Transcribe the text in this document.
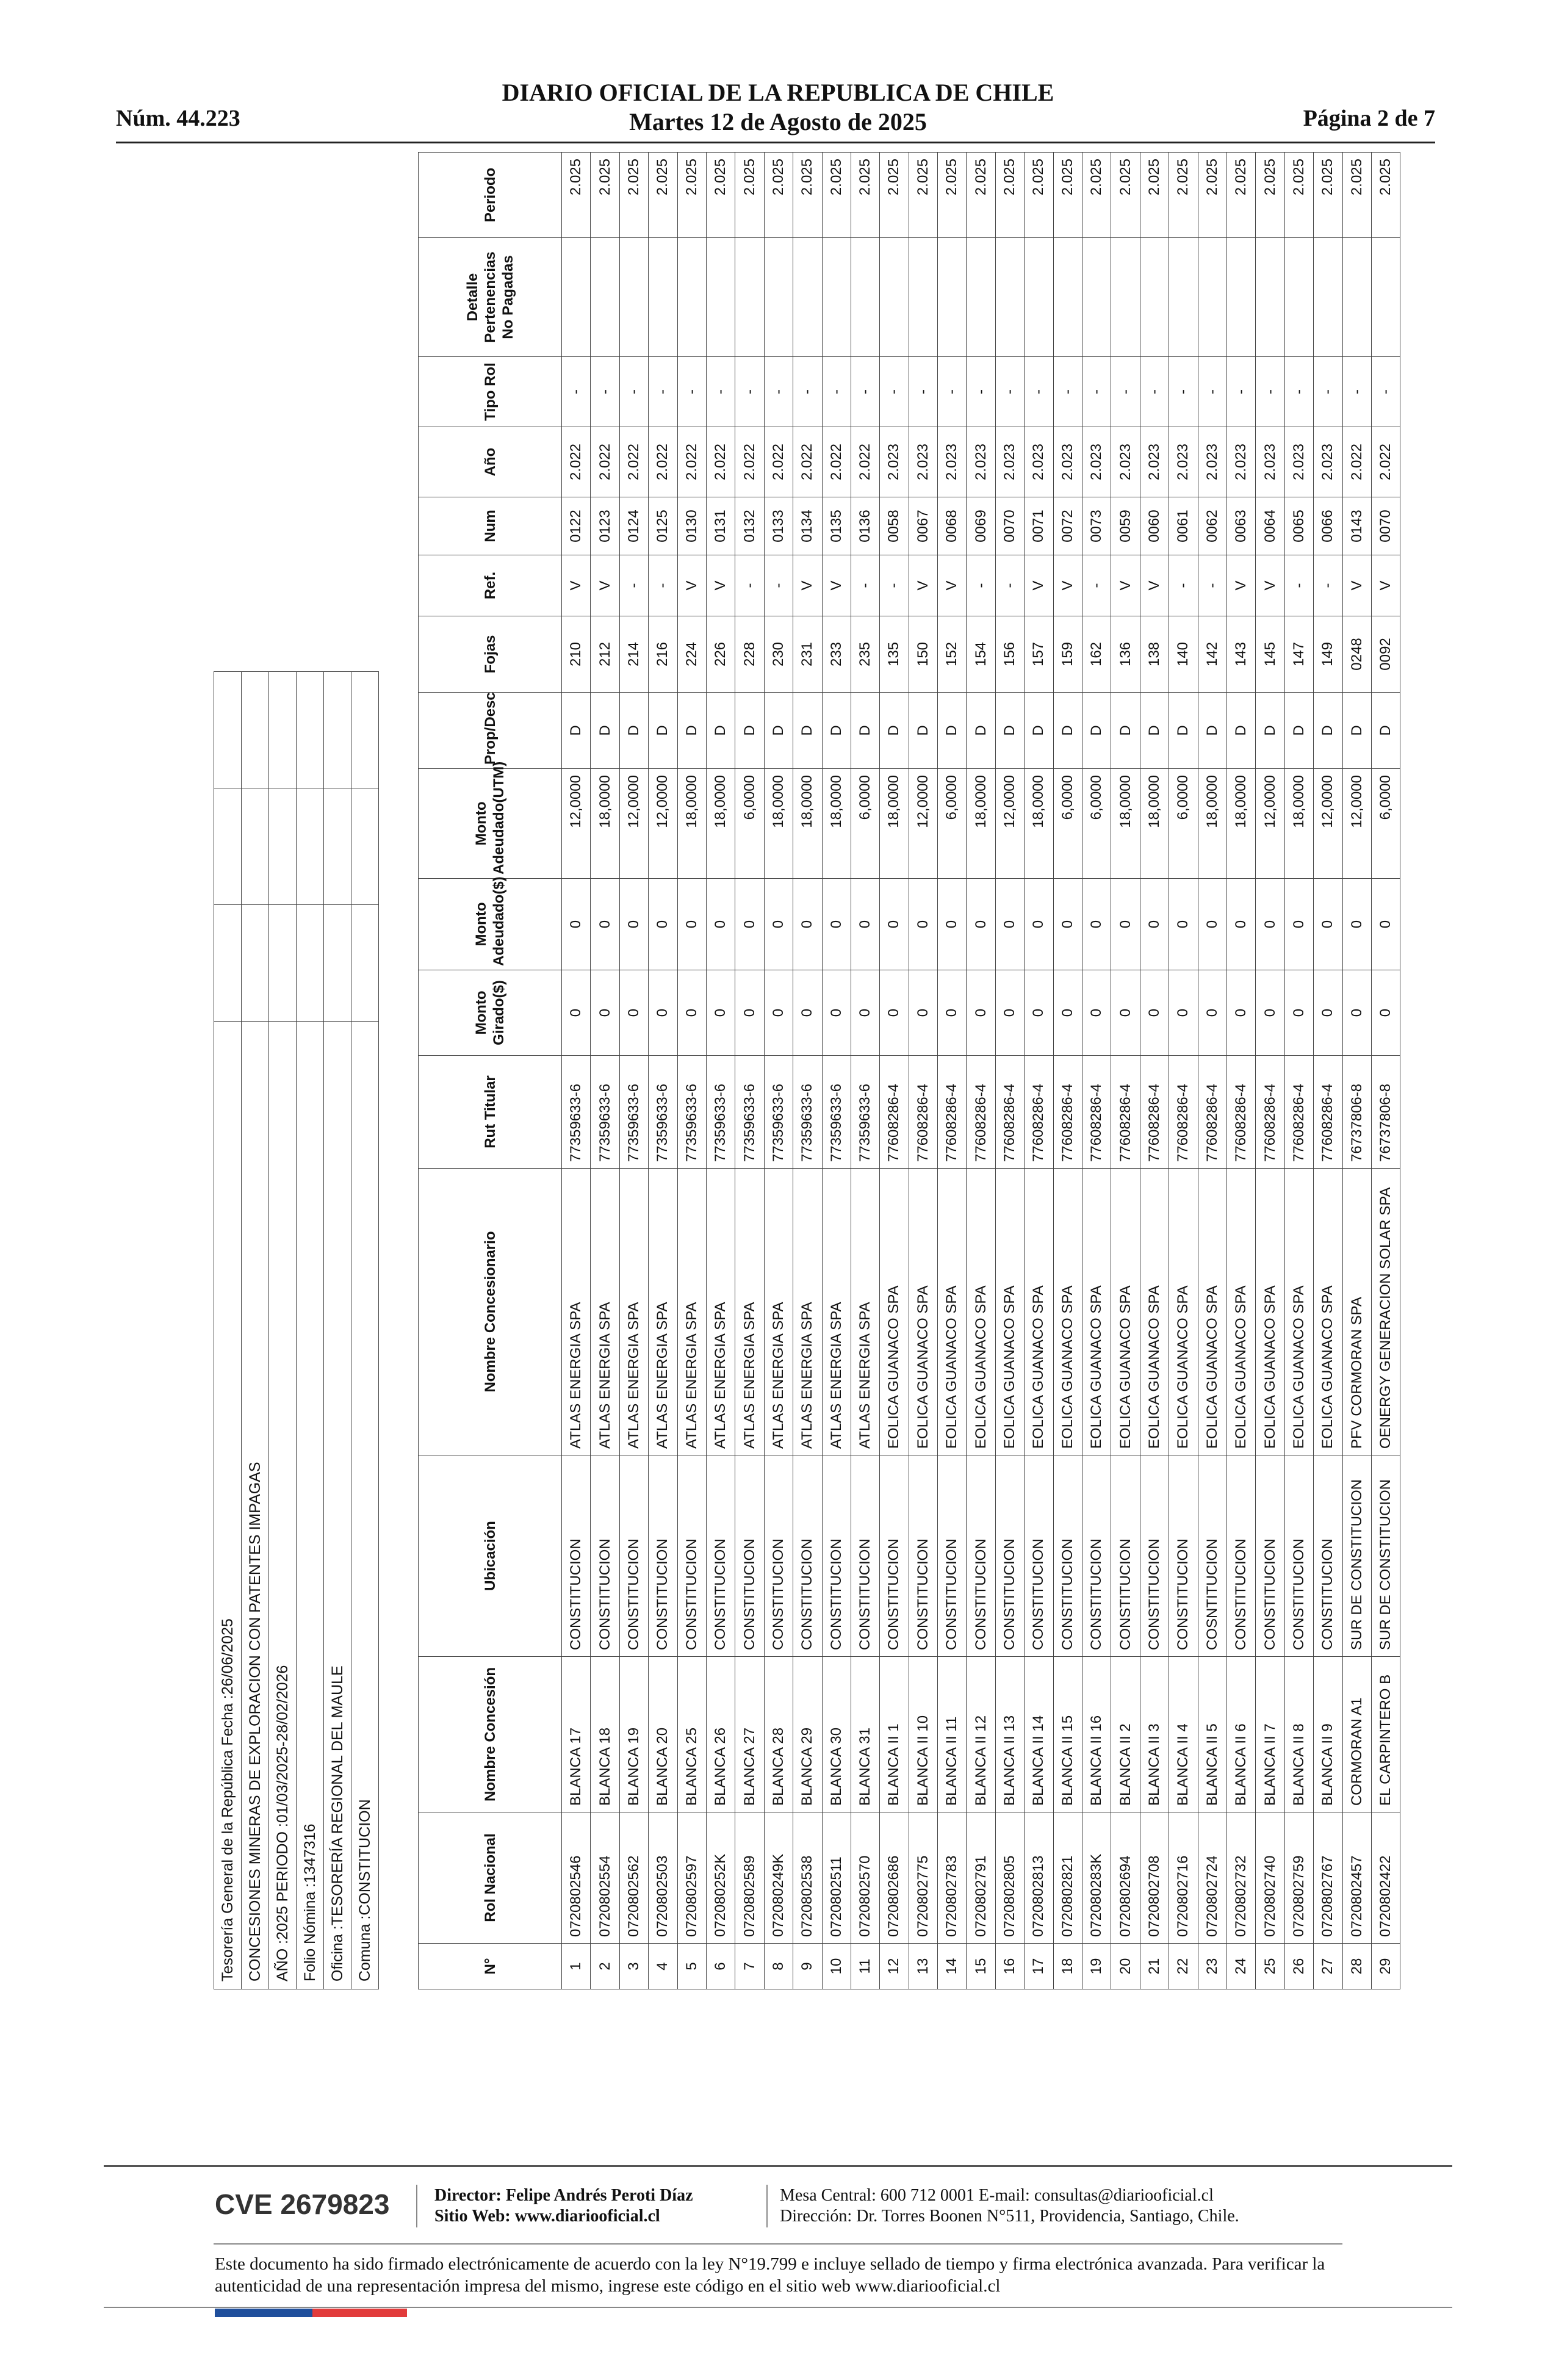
Núm. 44.223
DIARIO OFICIAL DE LA REPUBLICA DE CHILE
Martes 12 de Agosto de 2025	Página 2 de 7
Tesorería General de la República Fecha :26/06/2025			
CONCESIONES MINERAS DE EXPLORACION CON PATENTES IMPAGAS			
AÑO :2025 PERIODO :01/03/2025-28/02/2026			
Folio Nómina :1347316			
Oficina :TESORERÍA REGIONAL DEL MAULE			
Comuna :CONSTITUCION				N°	Rol Nacional	Nombre Concesión	Ubicación	Nombre Concesionario	Rut Titular	Monto Girado($)	Monto Adeudado($)	Monto Adeudado(UTM)	Prop/Desc	Fojas	Ref.	Num	Año	Tipo Rol	Detalle Pertenencias No Pagadas	Periodo
1	0720802546	BLANCA 17	CONSTITUCION	ATLAS ENERGIA SPA	77359633-6	0	0	12,0000	D	210	V	0122	2.022	-		2.025
2	0720802554	BLANCA 18	CONSTITUCION	ATLAS ENERGIA SPA	77359633-6	0	0	18,0000	D	212	V	0123	2.022	-		2.025
3	0720802562	BLANCA 19	CONSTITUCION	ATLAS ENERGIA SPA	77359633-6	0	0	12,0000	D	214	-	0124	2.022	-		2.025
4	0720802503	BLANCA 20	CONSTITUCION	ATLAS ENERGIA SPA	77359633-6	0	0	12,0000	D	216	-	0125	2.022	-		2.025
5	0720802597	BLANCA 25	CONSTITUCION	ATLAS ENERGIA SPA	77359633-6	0	0	18,0000	D	224	V	0130	2.022	-		2.025
6	072080252K	BLANCA 26	CONSTITUCION	ATLAS ENERGIA SPA	77359633-6	0	0	18,0000	D	226	V	0131	2.022	-		2.025
7	0720802589	BLANCA 27	CONSTITUCION	ATLAS ENERGIA SPA	77359633-6	0	0	6,0000	D	228	-	0132	2.022	-		2.025
8	072080249K	BLANCA 28	CONSTITUCION	ATLAS ENERGIA SPA	77359633-6	0	0	18,0000	D	230	-	0133	2.022	-		2.025
9	0720802538	BLANCA 29	CONSTITUCION	ATLAS ENERGIA SPA	77359633-6	0	0	18,0000	D	231	V	0134	2.022	-		2.025
10	0720802511	BLANCA 30	CONSTITUCION	ATLAS ENERGIA SPA	77359633-6	0	0	18,0000	D	233	V	0135	2.022	-		2.025
11	0720802570	BLANCA 31	CONSTITUCION	ATLAS ENERGIA SPA	77359633-6	0	0	6,0000	D	235	-	0136	2.022	-		2.025
12	0720802686	BLANCA II 1	CONSTITUCION	EOLICA GUANACO SPA	77608286-4	0	0	18,0000	D	135	-	0058	2.023	-		2.025
13	0720802775	BLANCA II 10	CONSTITUCION	EOLICA GUANACO SPA	77608286-4	0	0	12,0000	D	150	V	0067	2.023	-		2.025
14	0720802783	BLANCA II 11	CONSTITUCION	EOLICA GUANACO SPA	77608286-4	0	0	6,0000	D	152	V	0068	2.023	-		2.025
15	0720802791	BLANCA II 12	CONSTITUCION	EOLICA GUANACO SPA	77608286-4	0	0	18,0000	D	154	-	0069	2.023	-		2.025
16	0720802805	BLANCA II 13	CONSTITUCION	EOLICA GUANACO SPA	77608286-4	0	0	12,0000	D	156	-	0070	2.023	-		2.025
17	0720802813	BLANCA II 14	CONSTITUCION	EOLICA GUANACO SPA	77608286-4	0	0	18,0000	D	157	V	0071	2.023	-		2.025
18	0720802821	BLANCA II 15	CONSTITUCION	EOLICA GUANACO SPA	77608286-4	0	0	6,0000	D	159	V	0072	2.023	-		2.025
19	072080283K	BLANCA II 16	CONSTITUCION	EOLICA GUANACO SPA	77608286-4	0	0	6,0000	D	162	-	0073	2.023	-		2.025
20	0720802694	BLANCA II 2	CONSTITUCION	EOLICA GUANACO SPA	77608286-4	0	0	18,0000	D	136	V	0059	2.023	-		2.025
21	0720802708	BLANCA II 3	CONSTITUCION	EOLICA GUANACO SPA	77608286-4	0	0	18,0000	D	138	V	0060	2.023	-		2.025
22	0720802716	BLANCA II 4	CONSTITUCION	EOLICA GUANACO SPA	77608286-4	0	0	6,0000	D	140	-	0061	2.023	-		2.025
23	0720802724	BLANCA II 5	COSNTITUCION	EOLICA GUANACO SPA	77608286-4	0	0	18,0000	D	142	-	0062	2.023	-		2.025
24	0720802732	BLANCA II 6	CONSTITUCION	EOLICA GUANACO SPA	77608286-4	0	0	18,0000	D	143	V	0063	2.023	-		2.025
25	0720802740	BLANCA II 7	CONSTITUCION	EOLICA GUANACO SPA	77608286-4	0	0	12,0000	D	145	V	0064	2.023	-		2.025
26	0720802759	BLANCA II 8	CONSTITUCION	EOLICA GUANACO SPA	77608286-4	0	0	18,0000	D	147	-	0065	2.023	-		2.025
27	0720802767	BLANCA II 9	CONSTITUCION	EOLICA GUANACO SPA	77608286-4	0	0	12,0000	D	149	-	0066	2.023	-		2.025
28	0720802457	CORMORAN A1	SUR DE CONSTITUCION	PFV CORMORAN SPA	76737806-8	0	0	12,0000	D	0248	V	0143	2.022	-		2.025
29	0720802422	EL CARPINTERO B	SUR DE CONSTITUCION	OENERGY GENERACION SOLAR SPA	76737806-8	0	0	6,0000	D	0092	V	0070	2.022	-		2.025
CVE 2679823	Director: Felipe Andrés Peroti Díaz
Sitio Web: www.diariooficial.cl
Mesa Central: 600 712 0001 E-mail: consultas@diariooficial.cl
Dirección: Dr. Torres Boonen N°511, Providencia, Santiago, Chile.
Este documento ha sido firmado electrónicamente de acuerdo con la ley N°19.799 e incluye sellado de tiempo y firma electrónica avanzada. Para verificar la autenticidad de una representación impresa del mismo, ingrese este código en el sitio web www.diariooficial.cl
